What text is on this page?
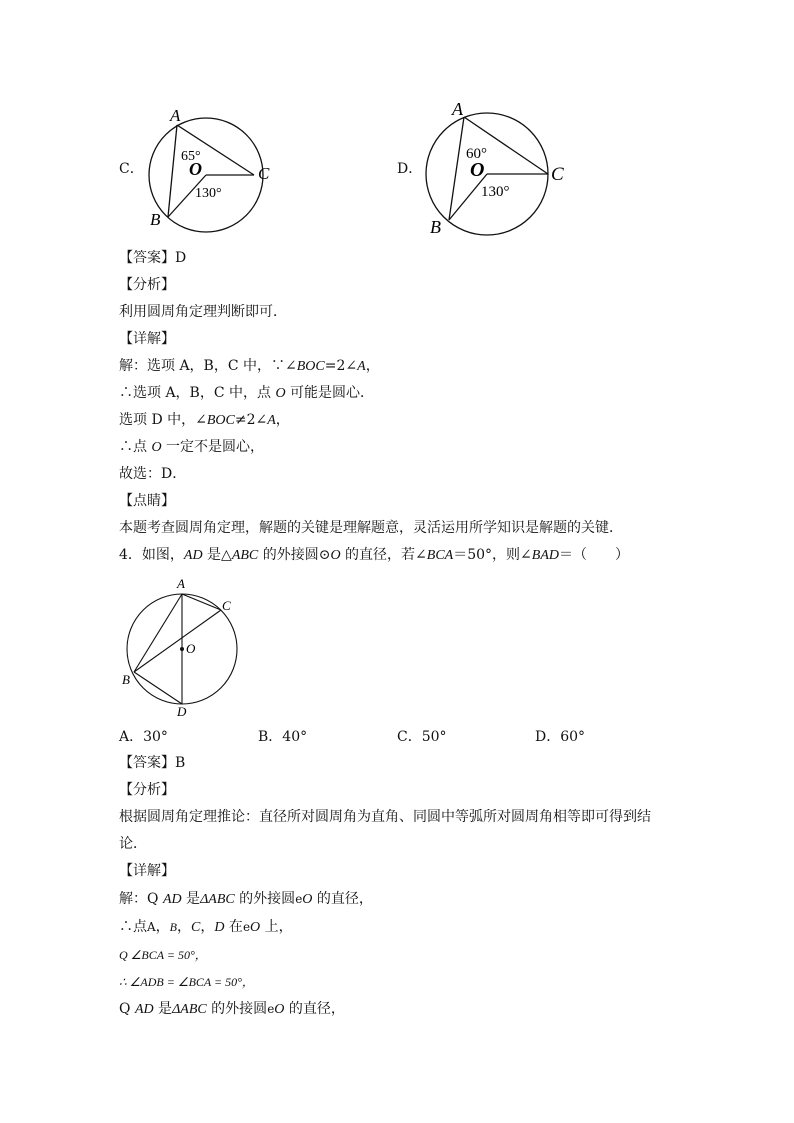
C．
A
B
C
O
65°
130°
D．
A
B
C
O
60°
130°
【答案】D
【分析】
利用圆周角定理判断即可．
【详解】
解：选项 A，B，C 中，∵∠BOC=2∠A，
∴选项 A，B，C 中，点 O 可能是圆心．
选项 D 中，∠BOC≠2∠A，
∴点 O 一定不是圆心，
故选：D．
【点睛】
本题考查圆周角定理，解题的关键是理解题意，灵活运用所学知识是解题的关键．
4．如图，AD 是△ABC 的外接圆⊙O 的直径，若∠BCA＝50°，则∠BAD＝（　　）
A
C
O
B
D
A．30°	B．40°	C．50°	D．60°
【答案】B
【分析】
根据圆周角定理推论：直径所对圆周角为直角、同圆中等弧所对圆周角相等即可得到结
论．
【详解】
解：Q AD 是ΔABC 的外接圆eO 的直径，
∴点A，B，C，D 在eO 上，
Q ∠BCA = 50°，
∴ ∠ADB = ∠BCA = 50°，
Q AD 是ΔABC 的外接圆eO 的直径，
